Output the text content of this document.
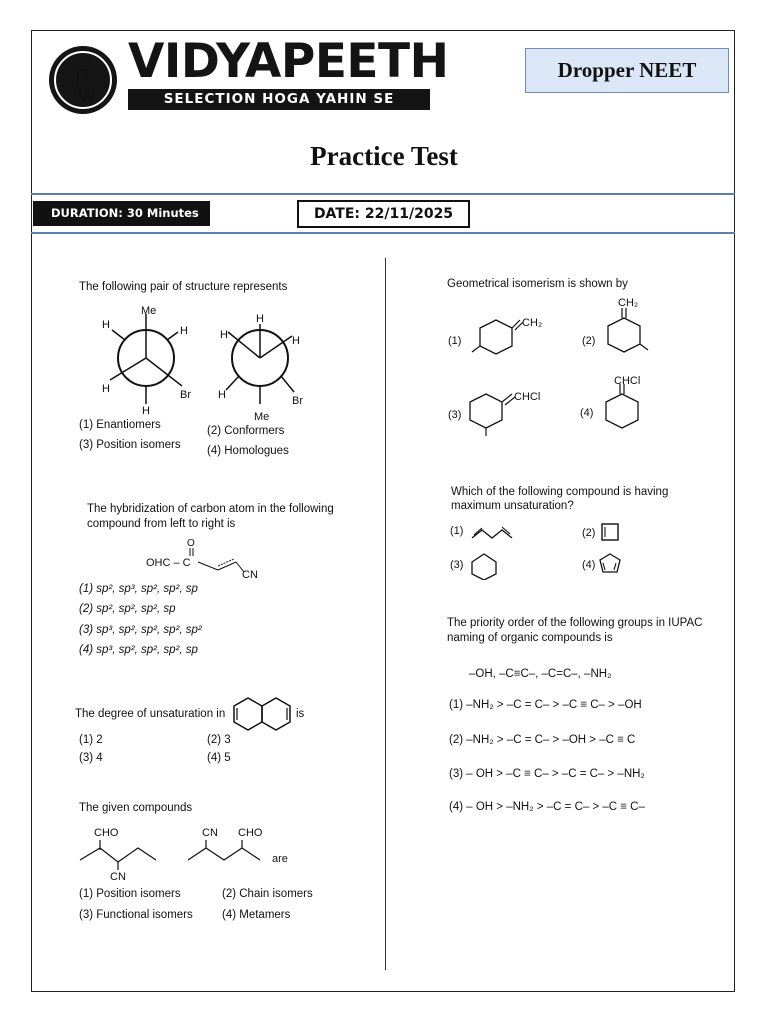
P
W
VIDYAPEETH
SELECTION HOGA YAHIN SE
Dropper NEET
Practice Test
DURATION: 30 Minutes	DATE: 22/11/2025
The following pair of structure represents
Me
H	H
H	Br
H
H
H	H
H	Br
Me
(1) Enantiomers	(2) Conformers
(3) Position isomers (4) Homologues
The hybridization of carbon atom in the following
compound from left to right is
O
OHC – C
CN
(1) sp², sp³, sp², sp², sp
(2) sp², sp², sp², sp
(3) sp³, sp², sp², sp², sp²
(4) sp³, sp², sp², sp², sp
The degree of unsaturation in	is
(1) 2	(2) 3
(3) 4	(4) 5
The given compounds
CHO
CN
CN CHO
are
(1) Position isomers	(2) Chain isomers
(3) Functional isomers	(4) Metamers
Geometrical isomerism is shown by
(1)
CH₂
(2)
CH₂
(3)
CHCl
(4)
CHCl
Which of the following compound is having
maximum unsaturation?
(1)	(2)
(3)	(4)
The priority order of the following groups in IUPAC
naming of organic compounds is
–OH, –C≡C–, –C=C–, –NH₂
(1) –NH₂ > –C = C– > –C ≡ C– > –OH
(2) –NH₂ > –C = C– > –OH > –C ≡ C
(3) – OH > –C ≡ C– > –C = C– > –NH₂
(4) – OH > –NH₂ > –C = C– > –C ≡ C–
